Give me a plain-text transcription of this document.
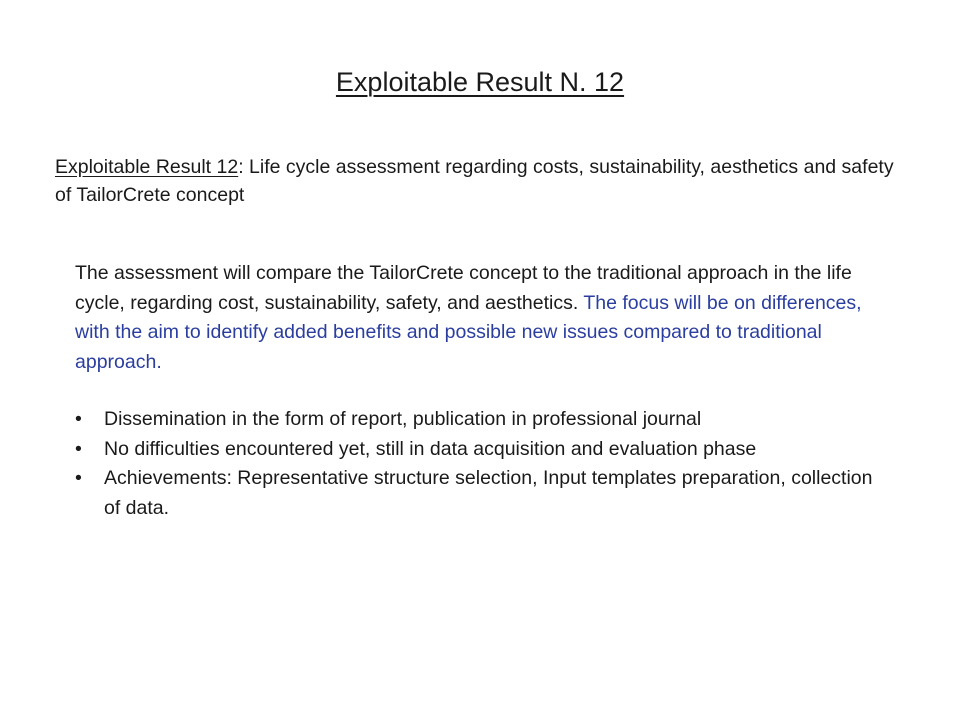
Exploitable Result N. 12
Exploitable Result 12: Life cycle assessment regarding costs, sustainability, aesthetics and safety of TailorCrete concept
The assessment will compare the TailorCrete concept to the traditional approach in the life cycle, regarding cost, sustainability, safety, and aesthetics. The focus will be on differences, with the aim to identify added benefits and possible new issues compared to traditional approach.
• Dissemination in the form of report, publication in professional journal
• No difficulties encountered yet, still in data acquisition and evaluation phase
• Achievements: Representative structure selection, Input templates preparation, collection of data.
